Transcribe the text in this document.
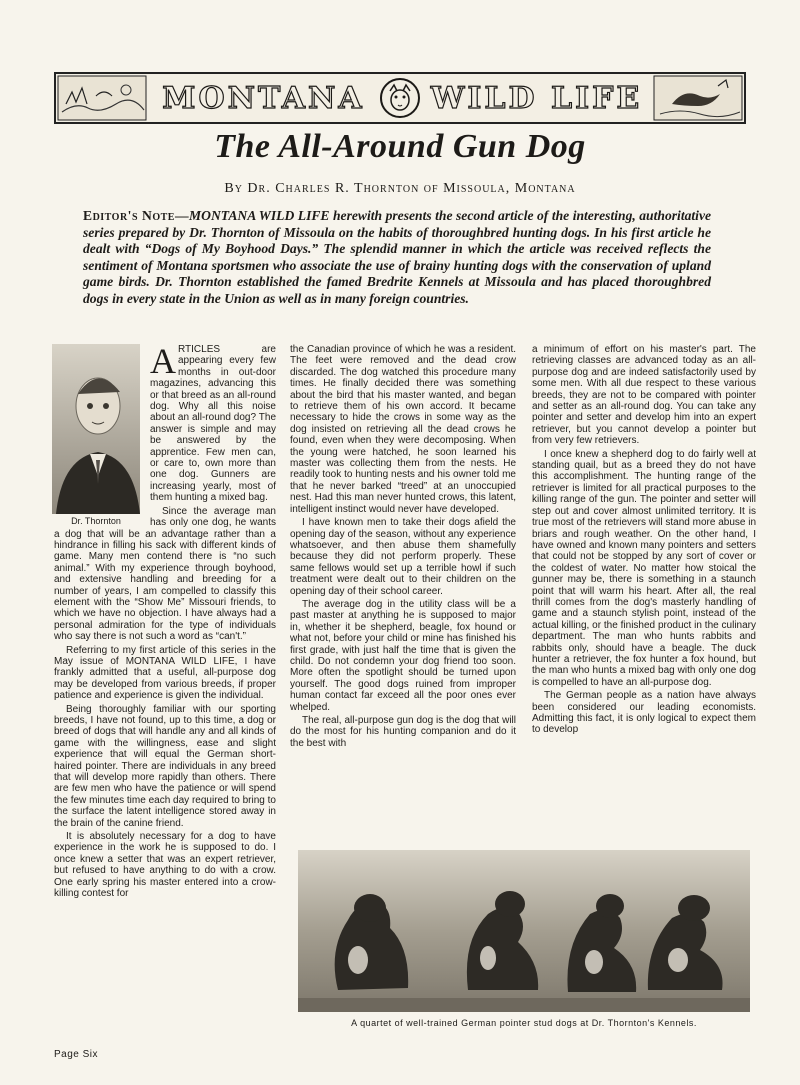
MONTANA	WILD LIFE
The All-Around Gun Dog
By Dr. Charles R. Thornton of Missoula, Montana
Editor's Note—MONTANA WILD LIFE herewith presents the second article of the interesting, authoritative series prepared by Dr. Thornton of Missoula on the habits of thoroughbred hunting dogs. In his first article he dealt with “Dogs of My Boyhood Days.” The splendid manner in which the article was received reflects the sentiment of Montana sportsmen who associate the use of brainy hunting dogs with the conservation of upland game birds. Dr. Thornton established the famed Bredrite Kennels at Missoula and has placed thoroughbred dogs in every state in the Union as well as in many foreign countries.
Dr. Thornton
A RTICLES are appearing every few months in out-door magazines, advancing this or that breed as an all-round dog. Why all this noise about an all-round dog? The answer is simple and may be answered by the apprentice. Few men can, or care to, own more than one dog. Gunners are increasing yearly, most of them hunting a mixed bag.

Since the average man has only one dog, he wants a dog that will be an advantage rather than a hindrance in filling his sack with different kinds of game. Many men contend there is “no such animal.” With my experience through boyhood, and extensive handling and breeding for a number of years, I am compelled to classify this element with the “Show Me” Missouri friends, to which we have no objection. I have always had a personal admiration for the type of individuals who say there is not such a word as “can't.”

Referring to my first article of this series in the May issue of MONTANA WILD LIFE, I have frankly admitted that a useful, all-purpose dog may be developed from various breeds, if proper patience and experience is given the individual.

Being thoroughly familiar with our sporting breeds, I have not found, up to this time, a dog or breed of dogs that will handle any and all kinds of game with the willingness, ease and slight experience that will equal the German short-haired pointer. There are individuals in any breed that will develop more rapidly than others. There are few men who have the patience or will spend the few minutes time each day required to bring to the surface the latent intelligence stored away in the brain of the canine friend.

It is absolutely necessary for a dog to have experience in the work he is supposed to do. I once knew a setter that was an expert retriever, but refused to have anything to do with a crow. One early spring his master entered into a crow-killing contest for

the Canadian province of which he was a resident. The feet were removed and the dead crow discarded. The dog watched this procedure many times. He finally decided there was something about the bird that his master wanted, and began to retrieve them of his own accord. It became necessary to hide the crows in some way as the dog insisted on retrieving all the dead crows he found, even when they were decomposing. When the young were hatched, he soon learned his master was collecting them from the nests. He readily took to hunting nests and his owner told me that he never barked “treed” at an unoccupied nest. Had this man never hunted crows, this latent, intelligent instinct would never have developed.

I have known men to take their dogs afield the opening day of the season, without any experience whatsoever, and then abuse them shamefully because they did not perform properly. These same fellows would set up a terrible howl if such treatment were dealt out to their children on the opening day of their school career.

The average dog in the utility class will be a past master at anything he is supposed to major in, whether it be shepherd, beagle, fox hound or what not, before your child or mine has finished his first grade, with just half the time that is given the child. Do not condemn your dog friend too soon. More often the spotlight should be turned upon yourself. The good dogs ruined from improper human contact far exceed all the poor ones ever whelped.

The real, all-purpose gun dog is the dog that will do the most for his hunting companion and do it the best with

a minimum of effort on his master's part. The retrieving classes are advanced today as an all-purpose dog and are indeed satisfactorily used by some men. With all due respect to these various breeds, they are not to be compared with pointer and setter as an all-round dog. You can take any pointer and setter and develop him into an expert retriever, but you cannot develop a pointer but from very few retrievers.

I once knew a shepherd dog to do fairly well at standing quail, but as a breed they do not have this accomplishment. The hunting range of the retriever is limited for all practical purposes to the killing range of the gun. The pointer and setter will step out and cover almost unlimited territory. It is true most of the retrievers will stand more abuse in briars and rough weather. On the other hand, I have owned and known many pointers and setters that could not be stopped by any sort of cover or the coldest of water. No matter how stoical the gunner may be, there is something in a staunch point that will warm his heart. After all, the real thrill comes from the dog's masterly handling of game and a staunch stylish point, instead of the actual killing, or the finished product in the culinary department. The man who hunts rabbits and rabbits only, should have a beagle. The duck hunter a retriever, the fox hunter a fox hound, but the man who hunts a mixed bag with only one dog is compelled to have an all-purpose dog.

The German people as a nation have always been considered our leading economists. Admitting this fact, it is only logical to expect them to develop

A quartet of well-trained German pointer stud dogs at Dr. Thornton's Kennels.
Page Six
